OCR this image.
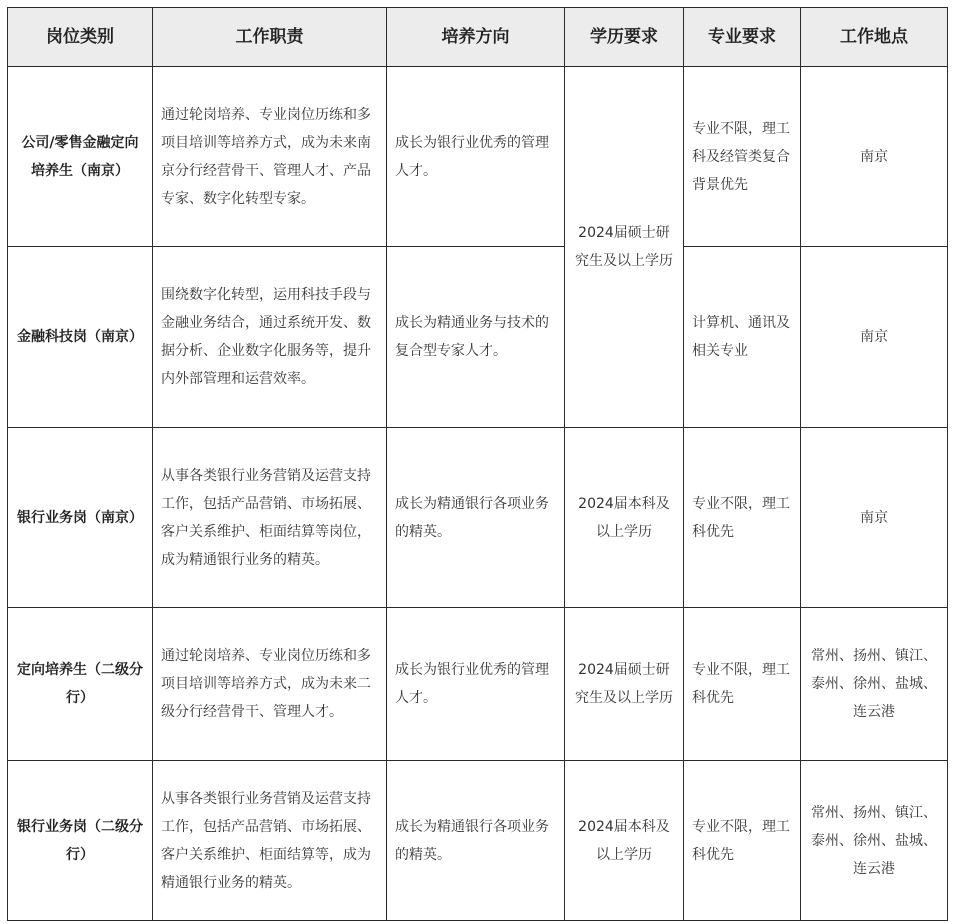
岗位类别	工作职责	培养方向	学历要求	专业要求	工作地点
公司/零售金融定向培养生（南京）	通过轮岗培养、专业岗位历练和多项目培训等培养方式，成为未来南京分行经营骨干、管理人才、产品专家、数字化转型专家。	成长为银行业优秀的管理人才。	2024届硕士研究生及以上学历	专业不限，理工科及经管类复合背景优先	南京
金融科技岗（南京）	围绕数字化转型，运用科技手段与金融业务结合，通过系统开发、数据分析、企业数字化服务等，提升内外部管理和运营效率。	成长为精通业务与技术的复合型专家人才。		计算机、通讯及相关专业	南京
银行业务岗（南京）	从事各类银行业务营销及运营支持工作，包括产品营销、市场拓展、客户关系维护、柜面结算等岗位，成为精通银行业务的精英。	成长为精通银行各项业务的精英。	2024届本科及以上学历	专业不限，理工科优先	南京
定向培养生（二级分行）	通过轮岗培养、专业岗位历练和多项目培训等培养方式，成为未来二级分行经营骨干、管理人才。	成长为银行业优秀的管理人才。	2024届硕士研究生及以上学历	专业不限，理工科优先	常州、扬州、镇江、泰州、徐州、盐城、连云港
银行业务岗（二级分行）	从事各类银行业务营销及运营支持工作，包括产品营销、市场拓展、客户关系维护、柜面结算等，成为精通银行业务的精英。	成长为精通银行各项业务的精英。	2024届本科及以上学历	专业不限，理工科优先	常州、扬州、镇江、泰州、徐州、盐城、连云港
